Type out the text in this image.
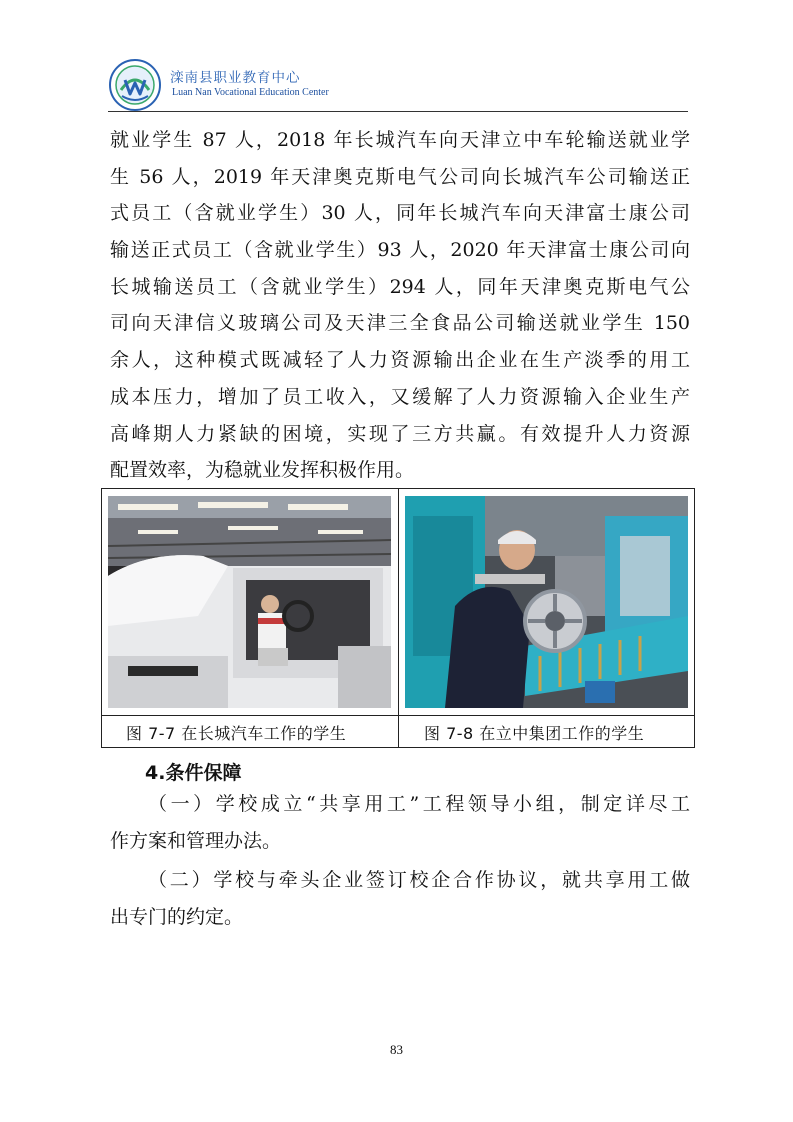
滦南县职业教育中心
Luan Nan Vocational Education Center
就业学生 87 人，2018 年长城汽车向天津立中车轮输送就业学
生 56 人，2019 年天津奥克斯电气公司向长城汽车公司输送正
式员工（含就业学生）30 人，同年长城汽车向天津富士康公司
输送正式员工（含就业学生）93 人，2020 年天津富士康公司向
长城输送员工（含就业学生）294 人，同年天津奥克斯电气公
司向天津信义玻璃公司及天津三全食品公司输送就业学生 150
余人，这种模式既减轻了人力资源输出企业在生产淡季的用工
成本压力，增加了员工收入，又缓解了人力资源输入企业生产
高峰期人力紧缺的困境，实现了三方共赢。有效提升人力资源
配置效率，为稳就业发挥积极作用。
图 7-7 在长城汽车工作的学生	图 7-8 在立中集团工作的学生
4.条件保障
（一）学校成立“共享用工”工程领导小组，制定详尽工
作方案和管理办法。
（二）学校与牵头企业签订校企合作协议，就共享用工做
出专门的约定。
83
